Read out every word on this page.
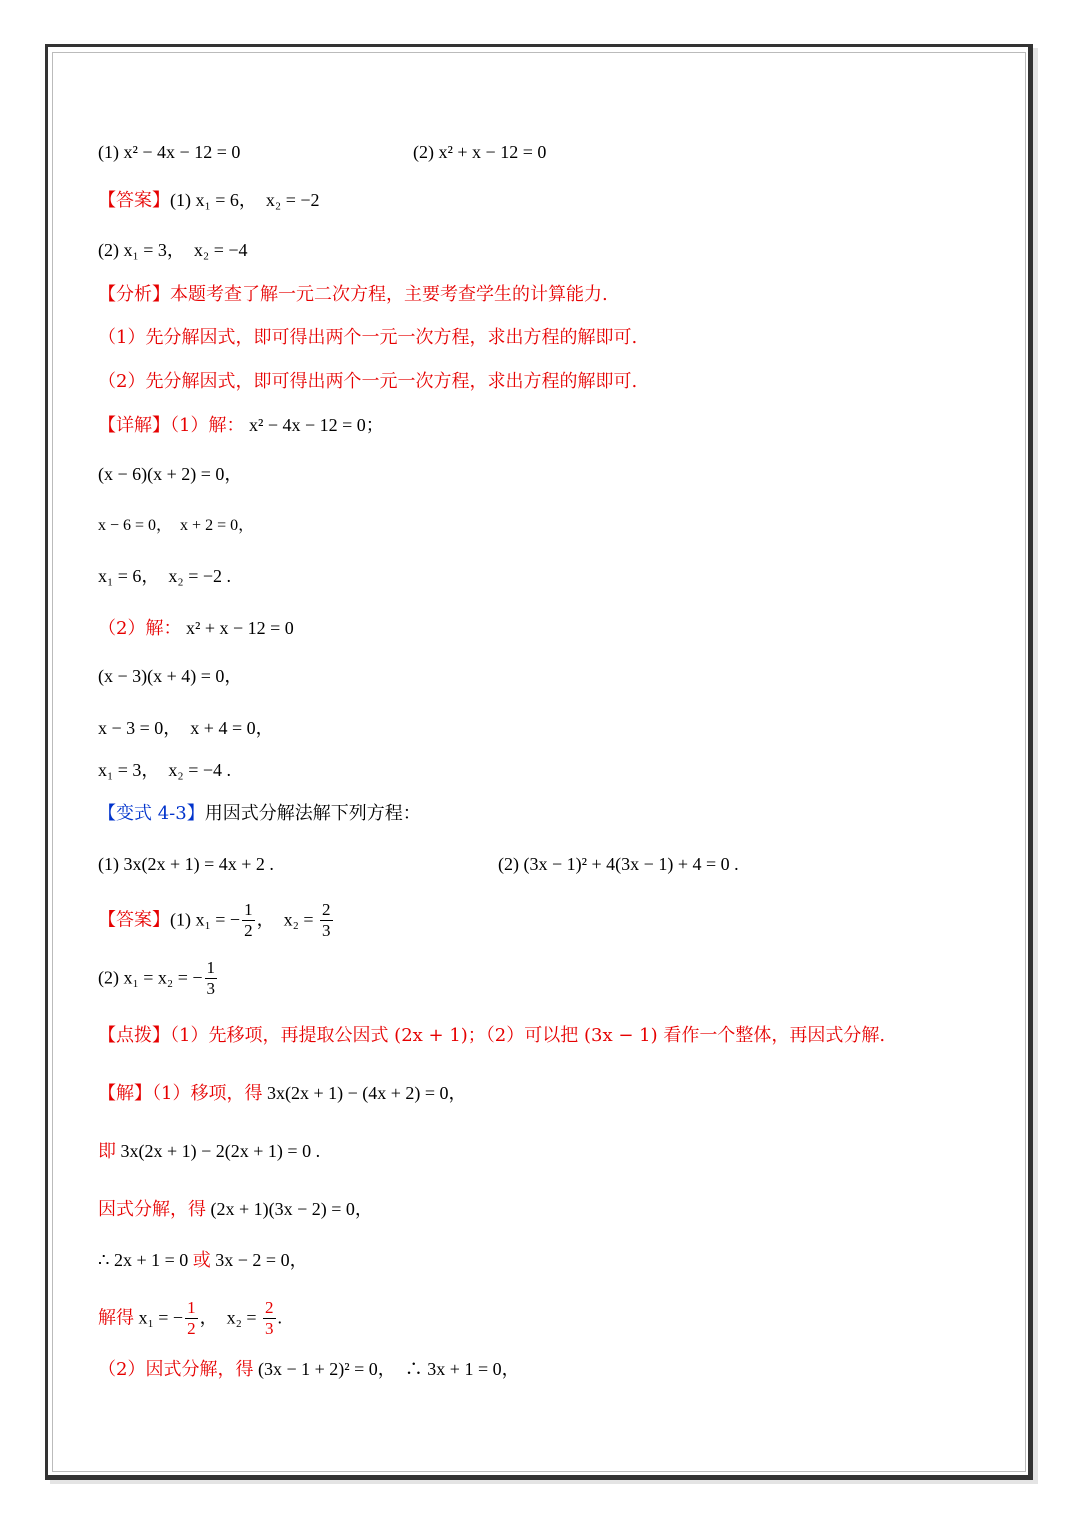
(1) x² − 4x − 12 = 0	(2) x² + x − 12 = 0
【答案】(1) x₁ = 6，  x₂ = −2
(2) x₁ = 3，  x₂ = −4
【分析】本题考查了解一元二次方程，主要考查学生的计算能力.
（1）先分解因式，即可得出两个一元一次方程，求出方程的解即可.
（2）先分解因式，即可得出两个一元一次方程，求出方程的解即可.
【详解】（1）解： x² − 4x − 12 = 0；
(x − 6)(x + 2) = 0，
x − 6 = 0，  x + 2 = 0，
x₁ = 6，  x₂ = −2 .
（2）解： x² + x − 12 = 0
(x − 3)(x + 4) = 0，
x − 3 = 0，  x + 4 = 0，
x₁ = 3，  x₂ = −4 .
【变式 4-3】用因式分解法解下列方程：
(1) 3x(2x + 1) = 4x + 2 .	(2) (3x − 1)² + 4(3x − 1) + 4 = 0 .
【答案】(1) x₁ = − $\frac{1}{2}$ ，  $x_2 = \frac{2}{3}$
(2) x₁ = x₂ = − $\frac{1}{3}$
【点拨】（1）先移项，再提取公因式 (2x + 1)；（2）可以把 (3x − 1) 看作一个整体，再因式分解.
【解】（1）移项，得 3x(2x + 1) − (4x + 2) = 0，
即 3x(2x + 1) − 2(2x + 1) = 0 .
因式分解，得 (2x + 1)(3x − 2) = 0，
∴ 2x + 1 = 0 或 3x − 2 = 0，
解得 x₁ = − $\frac{1}{2}$ ，  $x_2 = \frac{2}{3}$ .
（2）因式分解，得 (3x − 1 + 2)² = 0，  ∴ 3x + 1 = 0，
